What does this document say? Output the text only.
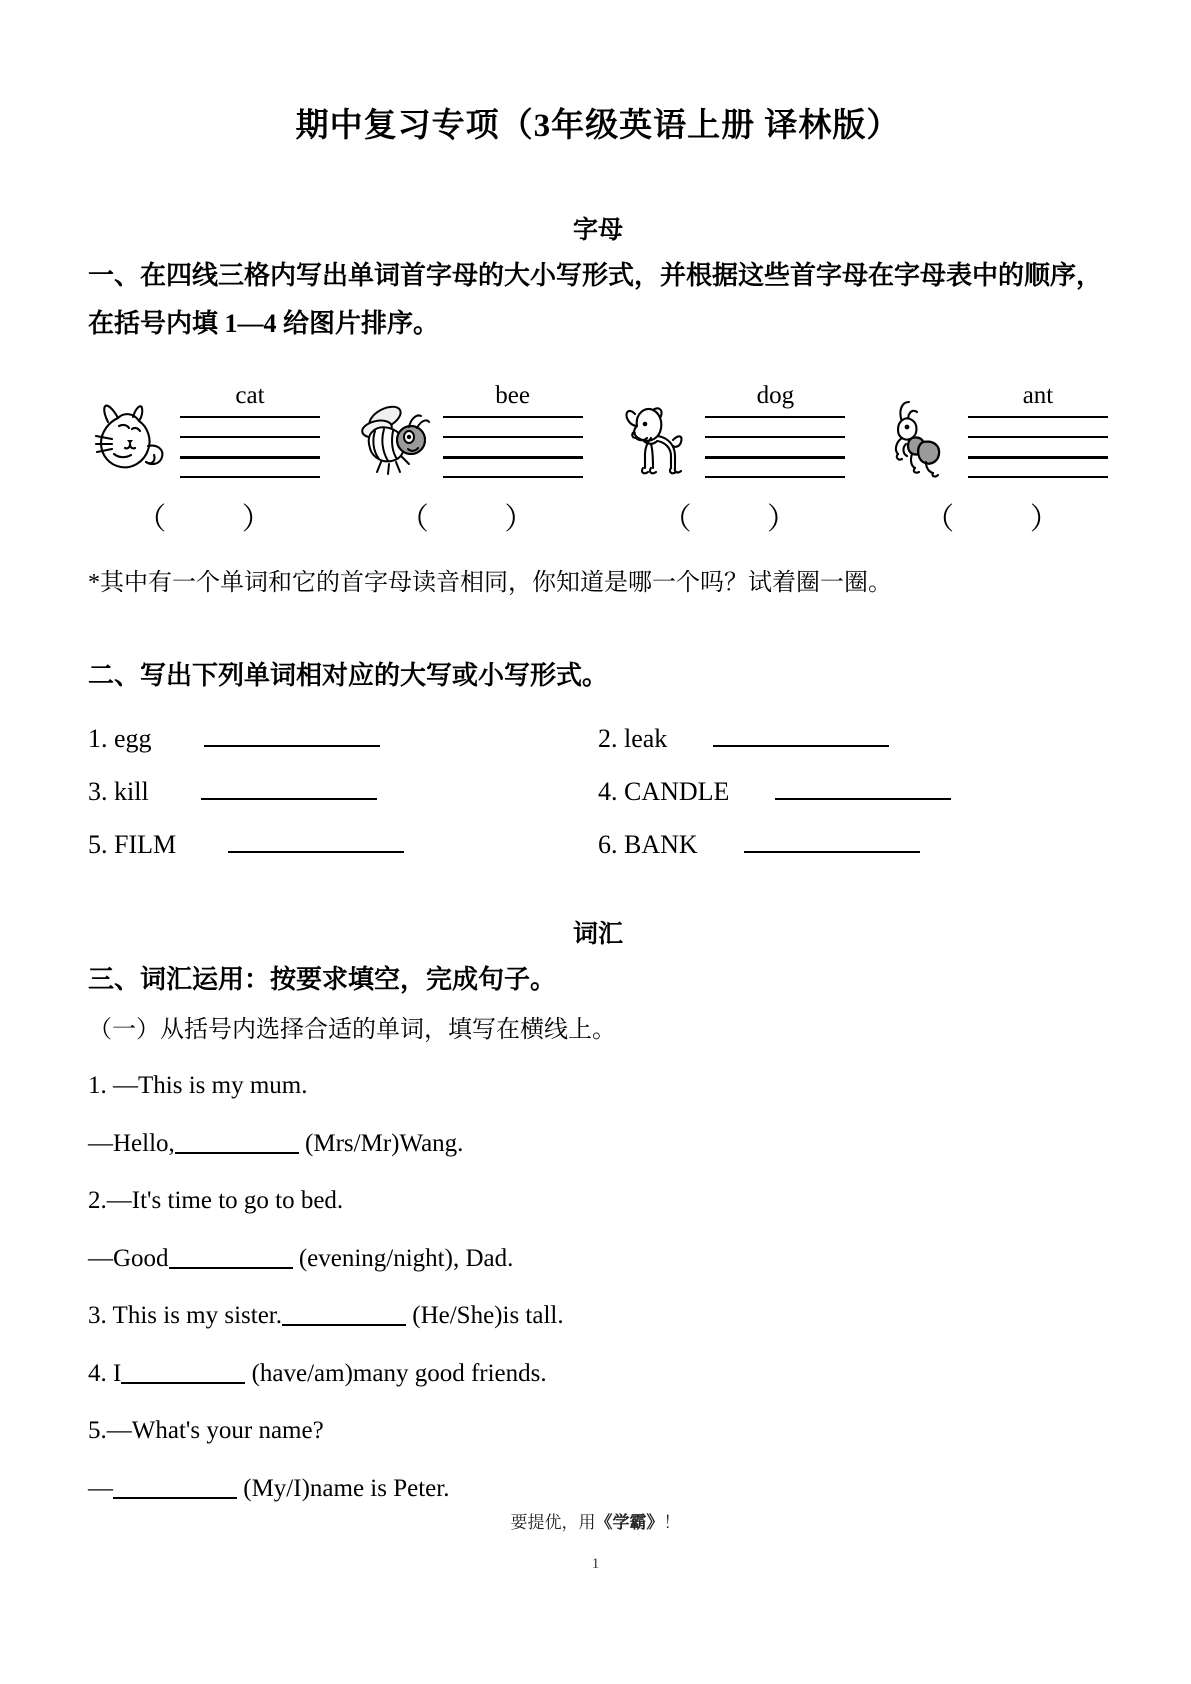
期中复习专项（3年级英语上册 译林版）
字母
一、在四线三格内写出单词首字母的大小写形式，并根据这些首字母在字母表中的顺序，在括号内填 1—4 给图片排序。
cat
（ ）
bee
（ ）
dog
（ ）
ant
（ ）
*其中有一个单词和它的首字母读音相同，你知道是哪一个吗？试着圈一圈。
二、写出下列单词相对应的大写或小写形式。
1. egg	2. leak
3. kill	4. CANDLE
5. FILM	6. BANK
词汇
三、词汇运用：按要求填空，完成句子。
（一）从括号内选择合适的单词，填写在横线上。
1. —This is my mum.
—Hello,	(Mrs/Mr)Wang.
2.—It's time to go to bed.
—Good	(evening/night), Dad.
3. This is my sister.	(He/She)is tall.
4. I	(have/am)many good friends.
5.—What's your name?
—	(My/I)name is Peter.
要提优，用《学霸》！
1
